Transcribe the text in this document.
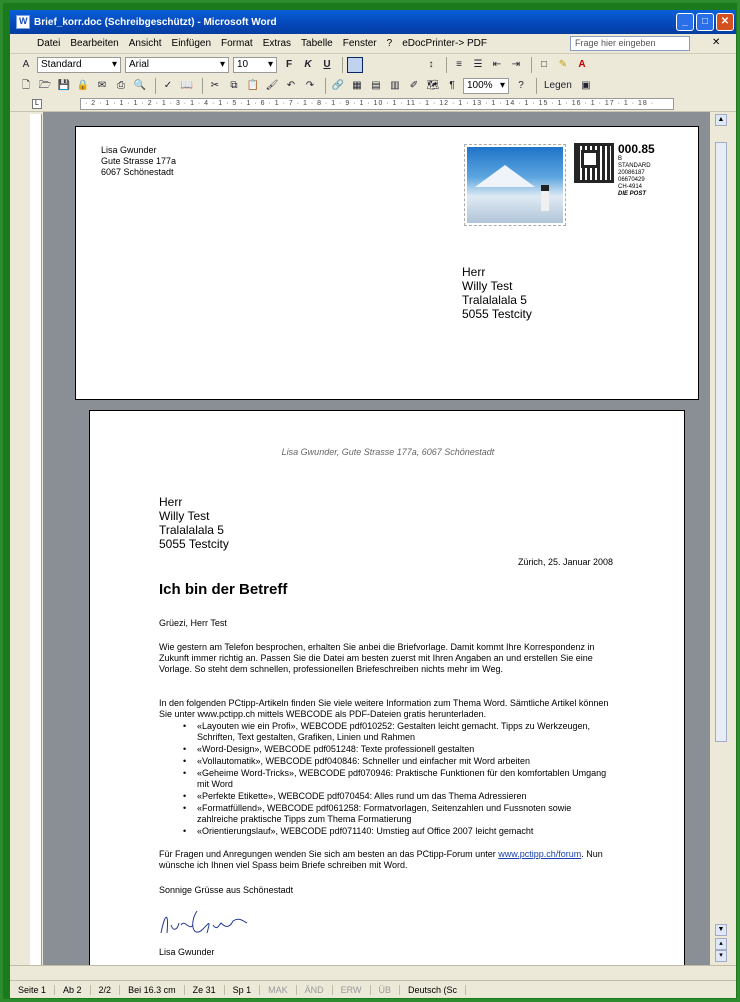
W
Brief_korr.doc (Schreibgeschützt) - Microsoft Word	_	□	✕
Datei	Bearbeiten	Ansicht	Einfügen	Format	Extras	Tabelle	Fenster	?	eDocPrinter-> PDF	Frage hier eingeben	✕
A	Standard	▾ Arial	▾ 10 ▾	F	K	U	↕	≡	☰	⇤	⇥	□	✎	A
🗋 🗁 💾 🔒 ✉	⎙ 🔍	✓ 📖	✂	⧉ 📋 🖌 ↶	↷	🔗 ▦ ▤ ▥	✐ 🗺 ¶	100% ▾	?	Legen ▣
L	· 2 · 1 · 1 · 1 · 2 · 1 · 3 · 1 · 4 · 1 · 5 · 1 · 6 · 1 · 7 · 1 · 8 · 1 · 9 · 1 · 10 · 1 · 11 · 1 · 12 · 1 · 13 · 1 · 14 · 1 · 15 · 1 · 16 · 1 · 17 · 1 · 18 ·
Lisa Gwunder
Gute Strasse 177a
6067 Schönestadt
000.85
B
STANDARD
20086187
06670429
CH-4914
DIE POST
Herr
Willy Test
Tralalalala 5
5055 Testcity
Lisa Gwunder, Gute Strasse 177a, 6067 Schönestadt
Herr
Willy Test
Tralalalala 5
5055 Testcity
Zürich, 25. Januar 2008
Ich bin der Betreff
Grüezi, Herr Test
Wie gestern am Telefon besprochen, erhalten Sie anbei die Briefvorlage. Damit kommt Ihre Korrespondenz in Zukunft immer richtig an. Passen Sie die Datei am besten zuerst mit Ihren Angaben an und erstellen Sie eine Vorlage. So steht dem schnellen, professionellen Briefeschreiben nichts mehr im Weg.
In den folgenden PCtipp-Artikeln finden Sie viele weitere Information zum Thema Word. Sämtliche Artikel können Sie unter www.pctipp.ch mittels WEBCODE als PDF-Dateien gratis herunterladen.
• «Layouten wie ein Profi», WEBCODE pdf010252: Gestalten leicht gemacht. Tipps zu Werkzeugen, Schriften, Text gestalten, Grafiken, Linien und Rahmen
• «Word-Design», WEBCODE pdf051248: Texte professionell gestalten
• «Vollautomatik», WEBCODE pdf040846: Schneller und einfacher mit Word arbeiten
• «Geheime Word-Tricks», WEBCODE pdf070946: Praktische Funktionen für den komfortablen Umgang mit Word
• «Perfekte Etikette», WEBCODE pdf070454: Alles rund um das Thema Adressieren
• «Formatfüllend», WEBCODE pdf061258: Formatvorlagen, Seitenzahlen und Fussnoten sowie zahlreiche praktische Tipps zum Thema Formatierung
• «Orientierungslauf», WEBCODE pdf071140: Umstieg auf Office 2007 leicht gemacht
Für Fragen und Anregungen wenden Sie sich am besten an das PCtipp-Forum unter www.pctipp.ch/forum. Nun wünsche ich Ihnen viel Spass beim Briefe schreiben mit Word.
Sonnige Grüsse aus Schönestadt
Lisa Gwunder
▲
▼
▴
▾
Seite 1	Ab 2	2/2	Bei 16.3 cm	Ze 31	Sp 1	MAK	ÄND	ERW	ÜB	Deutsch (Sc
